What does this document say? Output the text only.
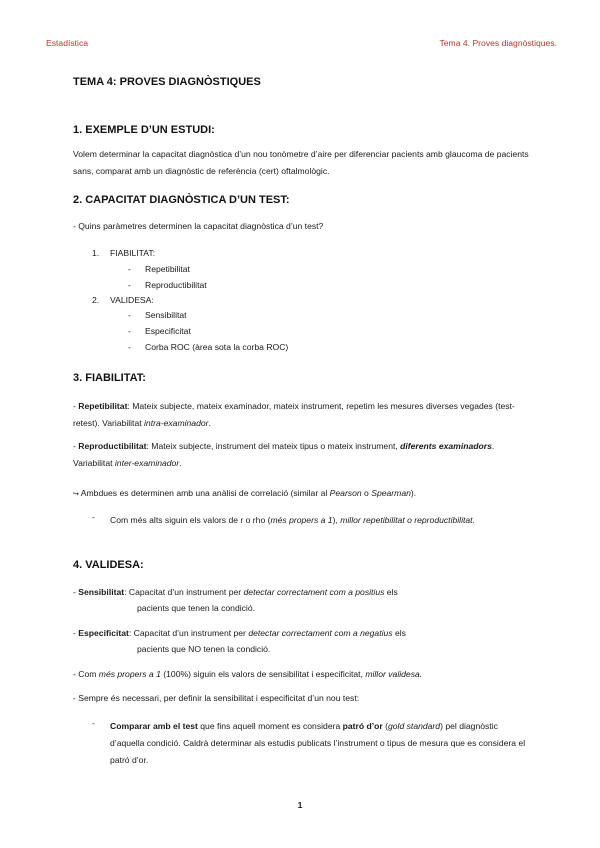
Estadística	Tema 4. Proves diagnòstiques.
TEMA 4: PROVES DIAGNÒSTIQUES
1. EXEMPLE D’UN ESTUDI:
Volem determinar la capacitat diagnòstica d’un nou tonòmetre d’aire per diferenciar pacients amb glaucoma de pacients sans, comparat amb un diagnòstic de referència (cert) oftalmològic.
2. CAPACITAT DIAGNÒSTICA D’UN TEST:
- Quins paràmetres determinen la capacitat diagnòstica d’un test?
1. FIABILITAT:
- Repetibilitat
- Reproductibilitat
2. VALIDESA:
- Sensibilitat
- Especificitat
- Corba ROC (àrea sota la corba ROC)
3. FIABILITAT:
- Repetibilitat: Mateix subjecte, mateix examinador, mateix instrument, repetim les mesures diverses vegades (test-retest). Variabilitat intra-examinador.
- Reproductibilitat: Mateix subjecte, instrument del mateix tipus o mateix instrument, diferents examinadors. Variabilitat inter-examinador.
↪ Ambdues es determinen amb una anàlisi de correlació (similar al Pearson o Spearman).
- Com més alts siguin els valors de r o rho (més propers a 1), millor repetibilitat o reproductibilitat.
4. VALIDESA:
- Sensibilitat: Capacitat d’un instrument per detectar correctament com a positius els
pacients que tenen la condició.
- Especificitat: Capacitat d’un instrument per detectar correctament com a negatius els
pacients que NO tenen la condició.
- Com més propers a 1 (100%) siguin els valors de sensibilitat i especificitat, millor validesa.
- Sempre és necessari, per definir la sensibilitat i especificitat d’un nou test:
- Comparar amb el test que fins aquell moment es considera patró d’or (gold standard) pel diagnòstic d’aquella condició. Caldrà determinar als estudis publicats l’instrument o tipus de mesura que es considera el patró d’or.
1
